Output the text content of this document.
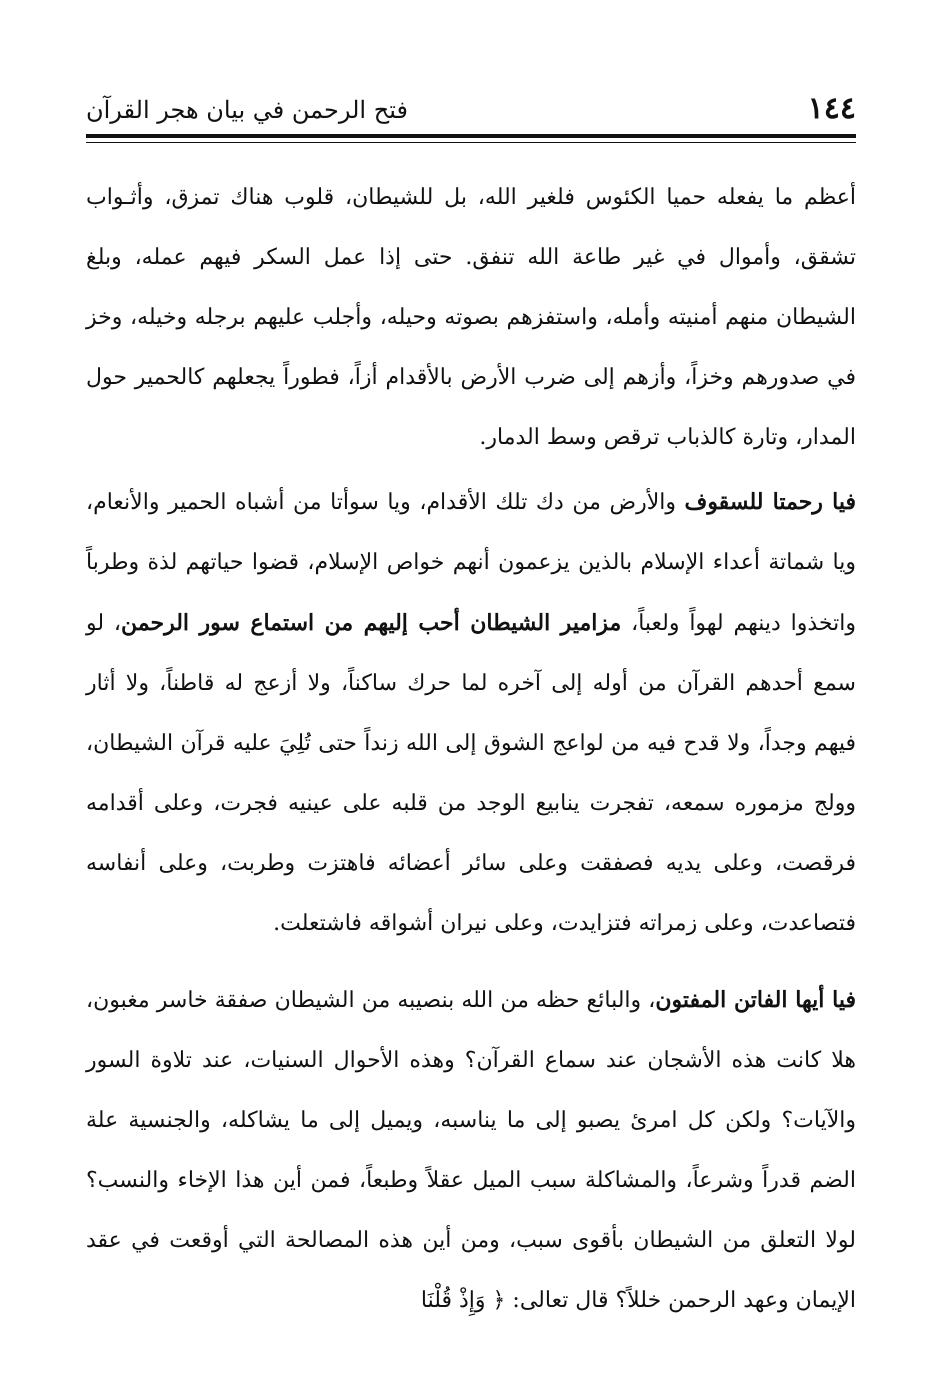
١٤٤
فتح الرحمن في بيان هجر القرآن

أعظم ما يفعله حميا الكئوس فلغير الله، بل للشيطان، قلوب هناك تمزق، وأثـواب تشقق، وأموال في غير طاعة الله تنفق. حتى إذا عمل السكر فيهم عمله، وبلغ الشيطان منهم أمنيته وأمله، واستفزهم بصوته وحيله، وأجلب عليهم برجله وخيله، وخز في صدورهم وخزاً، وأزهم إلى ضرب الأرض بالأقدام أزاً، فطوراً يجعلهم كالحمير حول المدار، وتارة كالذباب ترقص وسط الدمار.

فيا رحمتا للسقوف والأرض من دك تلك الأقدام، ويا سوأتا من أشباه الحمير والأنعام، ويا شماتة أعداء الإسلام بالذين يزعمون أنهم خواص الإسلام، قضوا حياتهم لذة وطرباً واتخذوا دينهم لهواً ولعباً، مزامير الشيطان أحب إليهم من استماع سور الرحمن، لو سمع أحدهم القرآن من أوله إلى آخره لما حرك ساكناً، ولا أزعج له قاطناً، ولا أثار فيهم وجداً، ولا قدح فيه من لواعج الشوق إلى الله زنداً حتى تُلِيَ عليه قرآن الشيطان، وولج مزموره سمعه، تفجرت ينابيع الوجد من قلبه على عينيه فجرت، وعلى أقدامه فرقصت، وعلى يديه فصفقت وعلى سائر أعضائه فاهتزت وطربت، وعلى أنفاسه فتصاعدت، وعلى زمراته فتزايدت، وعلى نيران أشواقه فاشتعلت.

فيا أيها الفاتن المفتون، والبائع حظه من الله بنصيبه من الشيطان صفقة خاسر مغبون، هلا كانت هذه الأشجان عند سماع القرآن؟ وهذه الأحوال السنيات، عند تلاوة السور والآيات؟ ولكن كل امرئ يصبو إلى ما يناسبه، ويميل إلى ما يشاكله، والجنسية علة الضم قدراً وشرعاً، والمشاكلة سبب الميل عقلاً وطبعاً، فمن أين هذا الإخاء والنسب؟ لولا التعلق من الشيطان بأقوى سبب، ومن أين هذه المصالحة التي أوقعت في عقد الإيمان وعهد الرحمن خللاً؟ قال تعالى: ﴿ وَإِذْ قُلْنَا
